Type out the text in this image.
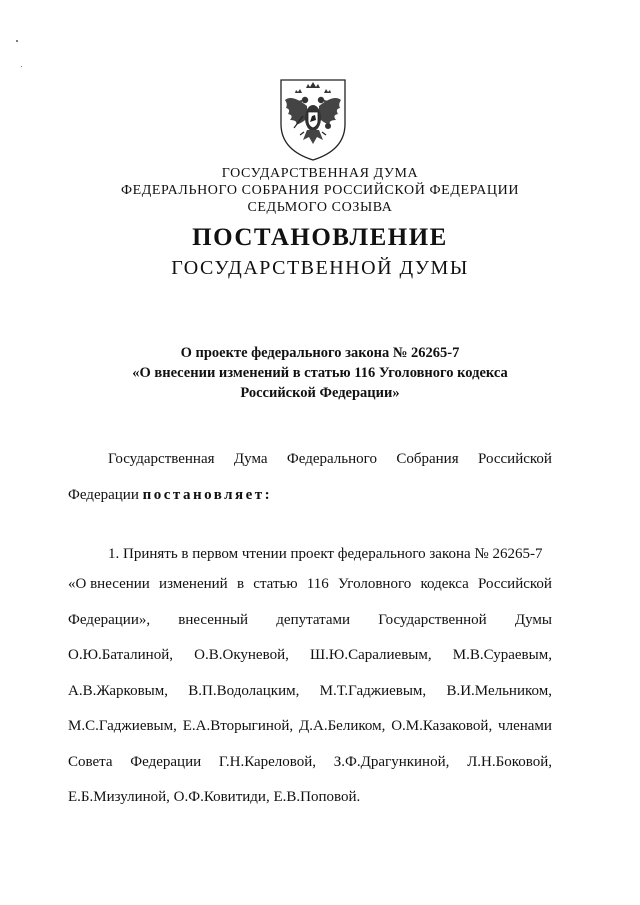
ГОСУДАРСТВЕННАЯ ДУМА
ФЕДЕРАЛЬНОГО СОБРАНИЯ РОССИЙСКОЙ ФЕДЕРАЦИИ
СЕДЬМОГО СОЗЫВА
ПОСТАНОВЛЕНИЕ
ГОСУДАРСТВЕННОЙ ДУМЫ
О проекте федерального закона № 26265-7
«О внесении изменений в статью 116 Уголовного кодекса
Российской Федерации»
Государственная Дума Федерального Собрания Российской
Федерации постановляет:
1. Принять в первом чтении проект федерального закона № 26265-7
«О внесении изменений в статью 116 Уголовного кодекса Российской
Федерации», внесенный депутатами Государственной Думы
О.Ю.Баталиной, О.В.Окуневой, Ш.Ю.Саралиевым, М.В.Сураевым,
А.В.Жарковым, В.П.Водолацким, М.Т.Гаджиевым, В.И.Мельником,
М.С.Гаджиевым, Е.А.Вторыгиной, Д.А.Беликом, О.М.Казаковой, членами
Совета Федерации Г.Н.Кареловой, З.Ф.Драгункиной, Л.Н.Боковой,
Е.Б.Мизулиной, О.Ф.Ковитиди, Е.В.Поповой.
